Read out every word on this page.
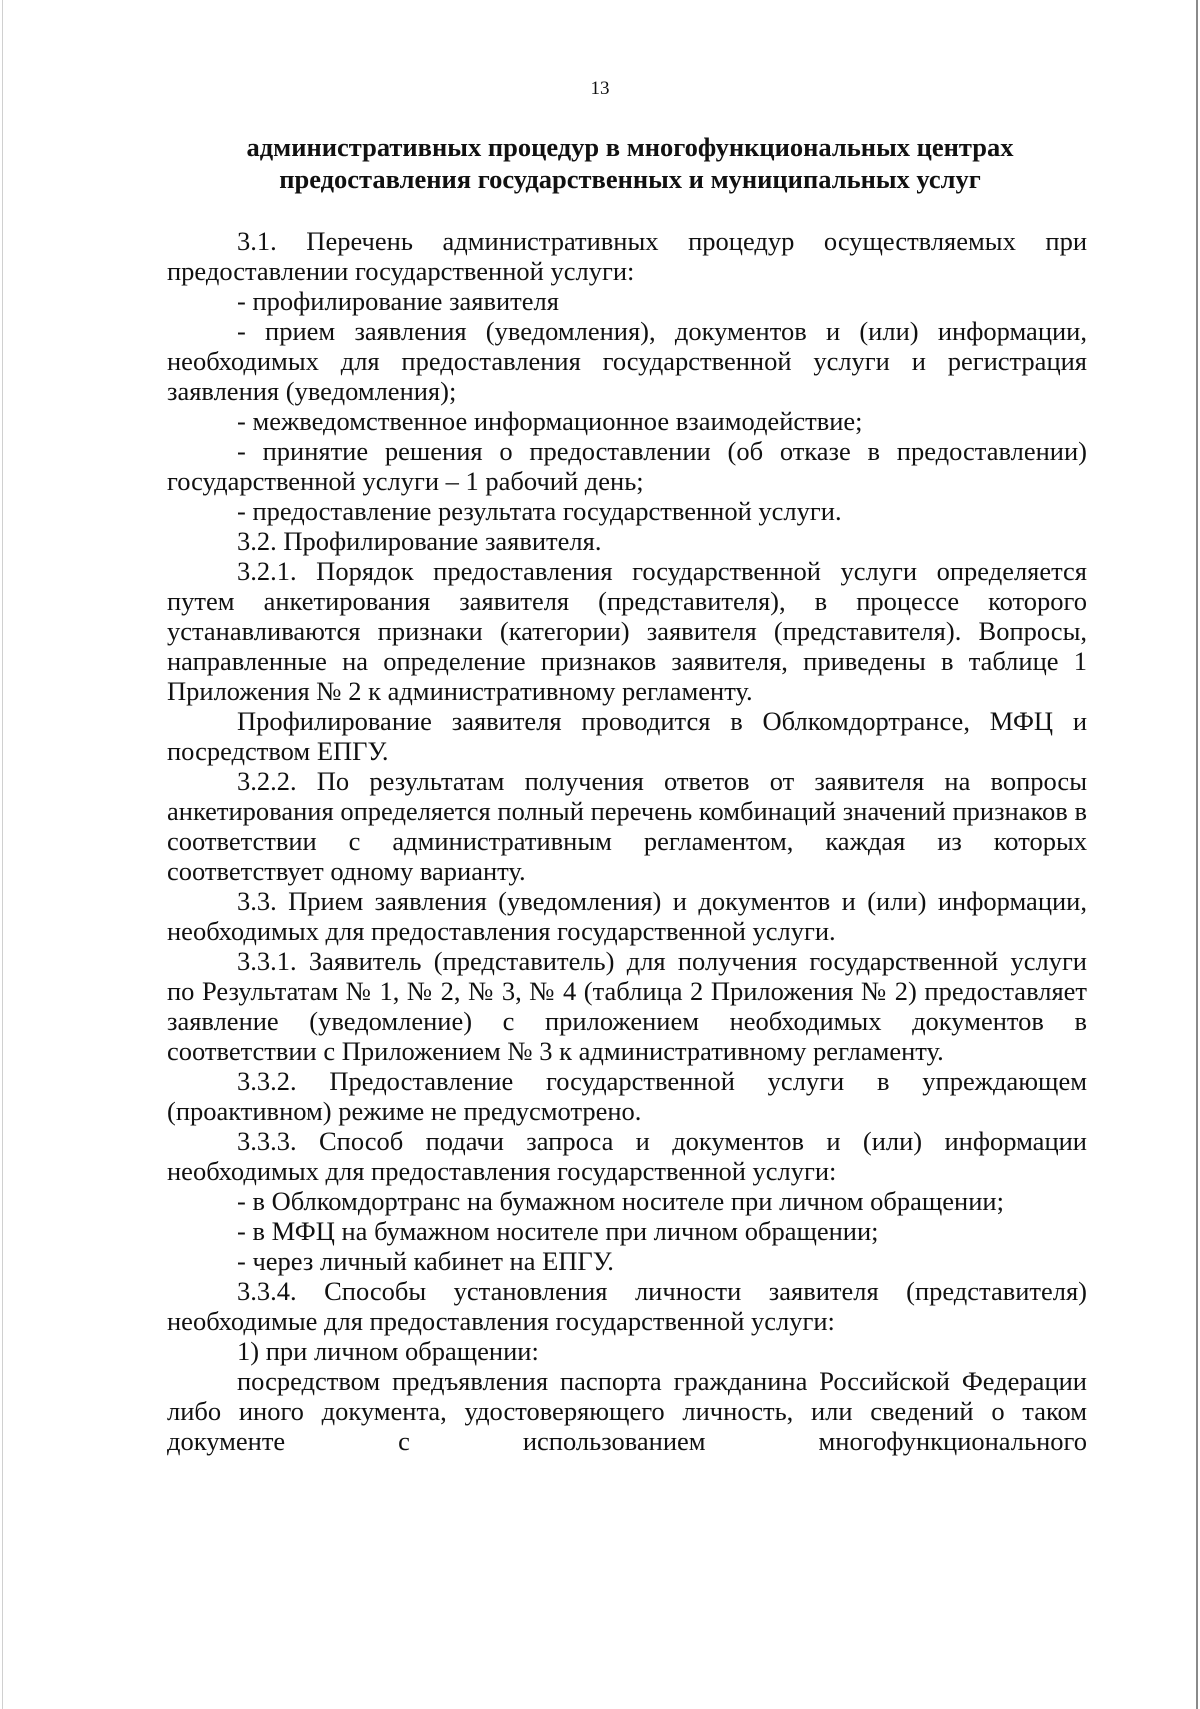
13
административных процедур в многофункциональных центрах
предоставления государственных и муниципальных услуг

3.1. Перечень административных процедур осуществляемых при предоставлении государственной услуги:

- профилирование заявителя

- прием заявления (уведомления), документов и (или) информации, необходимых для предоставления государственной услуги и регистрация заявления (уведомления);

- межведомственное информационное взаимодействие;

- принятие решения о предоставлении (об отказе в предоставлении) государственной услуги – 1 рабочий день;

- предоставление результата государственной услуги.

3.2. Профилирование заявителя.

3.2.1. Порядок предоставления государственной услуги определяется путем анкетирования заявителя (представителя), в процессе которого устанавливаются признаки (категории) заявителя (представителя). Вопросы, направленные на определение признаков заявителя, приведены в таблице 1 Приложения № 2 к административному регламенту.

Профилирование заявителя проводится в Облкомдортрансе, МФЦ и посредством ЕПГУ.

3.2.2. По результатам получения ответов от заявителя на вопросы анкетирования определяется полный перечень комбинаций значений признаков в соответствии с административным регламентом, каждая из которых соответствует одному варианту.

3.3. Прием заявления (уведомления) и документов и (или) информации, необходимых для предоставления государственной услуги.

3.3.1. Заявитель (представитель) для получения государственной услуги по Результатам № 1, № 2, № 3, № 4 (таблица 2 Приложения № 2) предоставляет заявление (уведомление) с приложением необходимых документов в соответствии с Приложением № 3 к административному регламенту.

3.3.2. Предоставление государственной услуги в упреждающем (проактивном) режиме не предусмотрено.

3.3.3. Способ подачи запроса и документов и (или) информации необходимых для предоставления государственной услуги:

- в Облкомдортранс на бумажном носителе при личном обращении;

- в МФЦ на бумажном носителе при личном обращении;

- через личный кабинет на ЕПГУ.

3.3.4. Способы установления личности заявителя (представителя) необходимые для предоставления государственной услуги:

1) при личном обращении:

посредством предъявления паспорта гражданина Российской Федерации либо иного документа, удостоверяющего личность, или сведений о таком документе с использованием многофункционального
